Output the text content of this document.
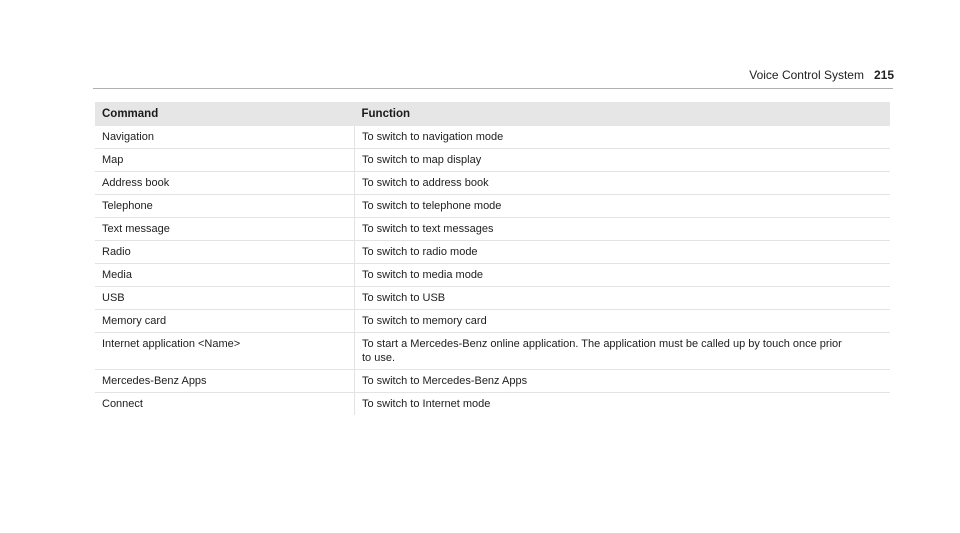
Voice Control System 215
Command	Function
Navigation	To switch to navigation mode
Map	To switch to map display
Address book	To switch to address book
Telephone	To switch to telephone mode
Text message	To switch to text messages
Radio	To switch to radio mode
Media	To switch to media mode
USB	To switch to USB
Memory card	To switch to memory card
Internet application <Name>	To start a Mercedes-Benz online application. The application must be called up by touch once prior
to use.

Mercedes-Benz Apps	To switch to Mercedes-Benz Apps
Connect	To switch to Internet mode
